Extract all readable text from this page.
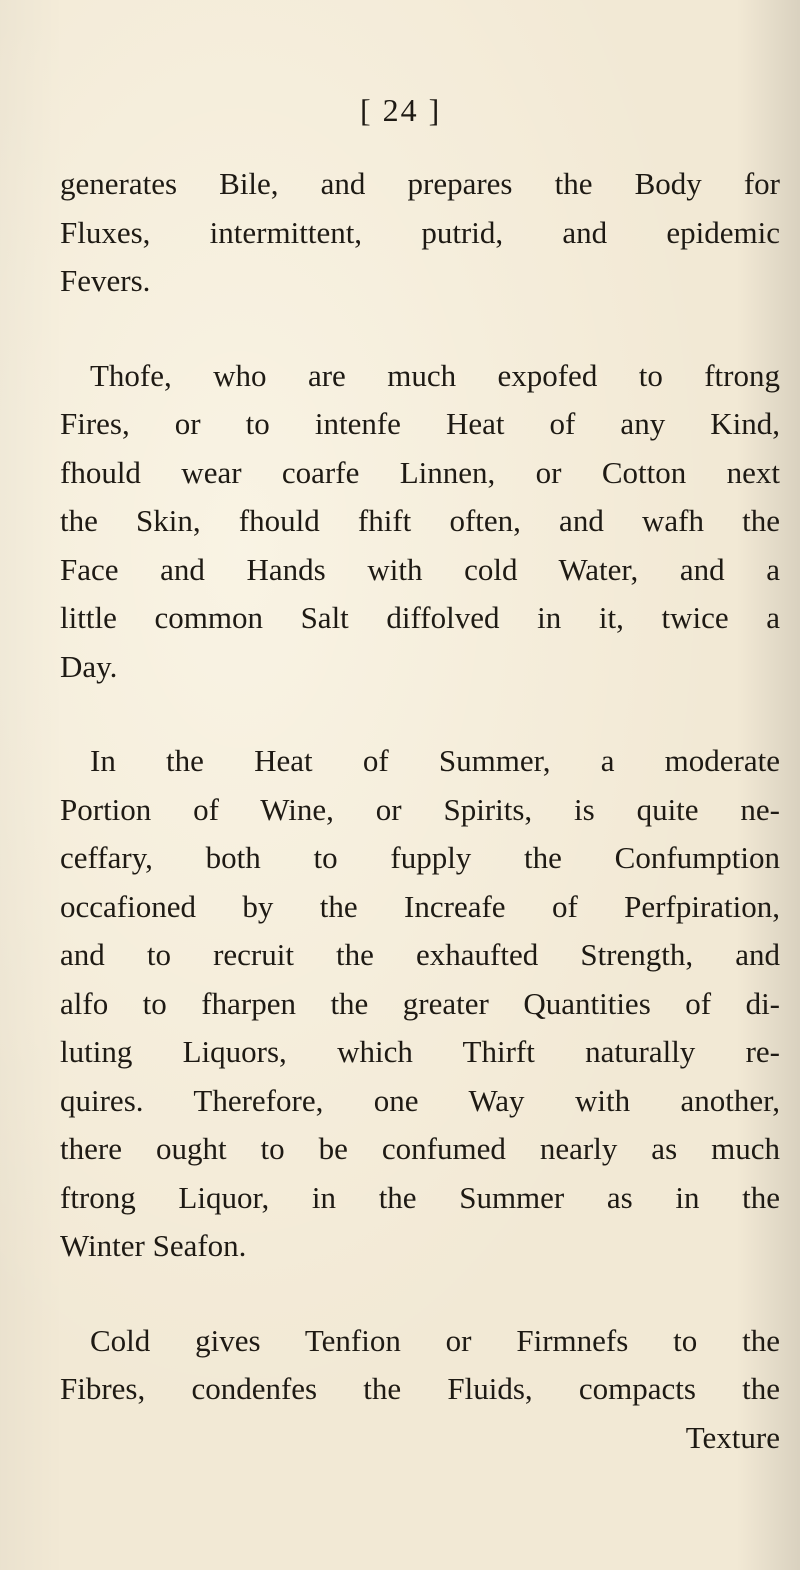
[ 24 ]
generates Bile, and prepares the Body for
Fluxes, intermittent, putrid, and epidemic
Fevers.
Thofe, who are much expofed to ftrong
Fires, or to intenfe Heat of any Kind,
fhould wear coarfe Linnen, or Cotton next
the Skin, fhould fhift often, and wafh the
Face and Hands with cold Water, and a
little common Salt diffolved in it, twice a
Day.
In the Heat of Summer, a moderate
Portion of Wine, or Spirits, is quite ne-
ceffary, both to fupply the Confumption
occafioned by the Increafe of Perfpiration,
and to recruit the exhaufted Strength, and
alfo to fharpen the greater Quantities of di-
luting Liquors, which Thirft naturally re-
quires. Therefore, one Way with another,
there ought to be confumed nearly as much
ftrong Liquor, in the Summer as in the
Winter Seafon.
Cold gives Tenfion or Firmnefs to the
Fibres, condenfes the Fluids, compacts the
Texture
